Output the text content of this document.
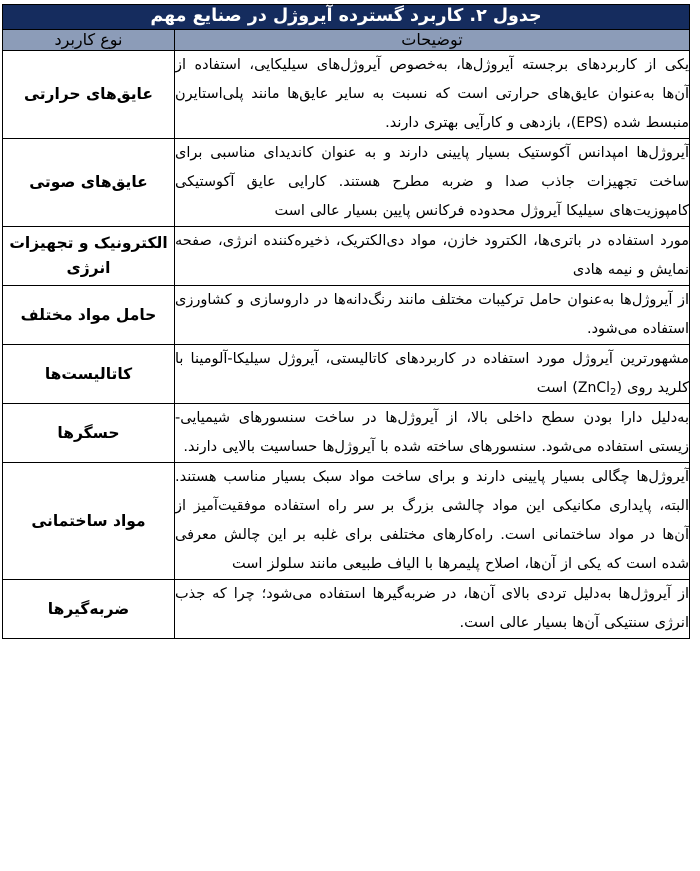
جدول ۲. کاربرد گسترده آیروژل در صنایع مهم	
توضیحات	نوع کاربرد

یکی از کاربردهای برجسته آیروژل‌ها، به‌خصوص آیروژل‌های سیلیکایی، استفاده از آن‌ها به‌عنوان عایق‌های حرارتی است که نسبت به سایر عایق‌ها مانند پلی‌استایرن منبسط شده (EPS)، بازدهی و کارآیی بهتری دارند.	عایق‌های حرارتی

آیروژل‌ها امپدانس آکوستیک بسیار پایینی دارند و به عنوان کاندیدای مناسبی برای ساخت تجهیزات جاذب صدا و ضربه مطرح هستند. کارایی عایق آکوستیکی کامپوزیت‌های سیلیکا آیروژل محدوده فرکانس پایین بسیار عالی است	عایق‌های صوتی

مورد استفاده در باتری‌ها، الکترود خازن، مواد دی‌الکتریک، ذخیره‌کننده انرژی، صفحه نمایش و نیمه هادی	الکترونیک و تجهیزات انرژی

از آیروژل‌ها به‌عنوان حامل ترکیبات مختلف مانند رنگ‌دانه‌ها در داروسازی و کشاورزی استفاده می‌شود.	حامل مواد مختلف

مشهورترین آیروژل مورد استفاده در کاربردهای کاتالیستی، آیروژل سیلیکا-آلومینا با کلرید روی (ZnCl$_2$) است	کاتالیست‌ها

به‌دلیل دارا بودن سطح داخلی بالا، از آیروژل‌ها در ساخت سنسورهای شیمیایی-زیستی استفاده می‌شود. سنسورهای ساخته شده با آیروژل‌ها حساسیت بالایی دارند.	حسگرها

آیروژل‌ها چگالی بسیار پایینی دارند و برای ساخت مواد سبک بسیار مناسب هستند. البته، پایداری مکانیکی این مواد چالشی بزرگ بر سر راه استفاده موفقیت‌آمیز از آن‌ها در مواد ساختمانی است. راه‌کارهای مختلفی برای غلبه بر این چالش معرفی شده است که یکی از آن‌ها، اصلاح پلیمرها با الیاف طبیعی مانند سلولز است	مواد ساختمانی

از آیروژل‌ها به‌دلیل تردی بالای آن‌ها، در ضربه‌گیرها استفاده می‌شود؛ چرا که جذب انرژی سنتیکی آن‌ها بسیار عالی است.	ضربه‌گیرها
